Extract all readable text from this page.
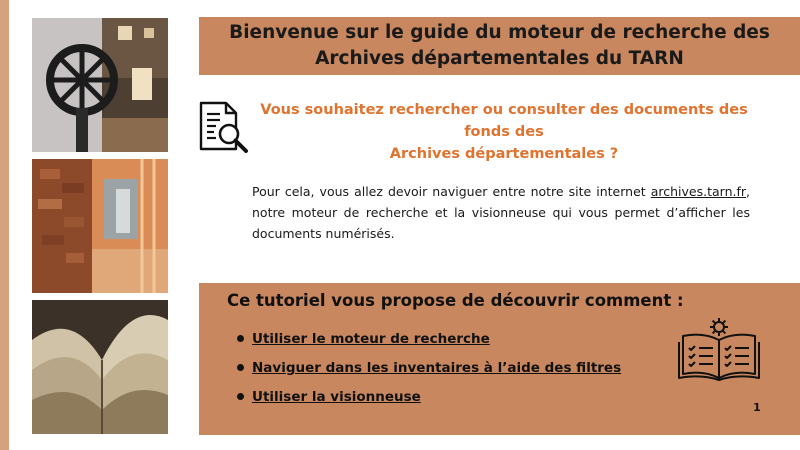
Bienvenue sur le guide du moteur de recherche des
Archives départementales du TARN
Vous souhaitez rechercher ou consulter des documents des fonds des
Archives départementales ?
Pour cela, vous allez devoir naviguer entre notre site internet archives.tarn.fr, notre moteur de recherche et la visionneuse qui vous permet d’afficher les documents numérisés.
Ce tutoriel vous propose de découvrir comment :
Utiliser le moteur de recherche
Naviguer dans les inventaires à l’aide des filtres
Utiliser la visionneuse
1
